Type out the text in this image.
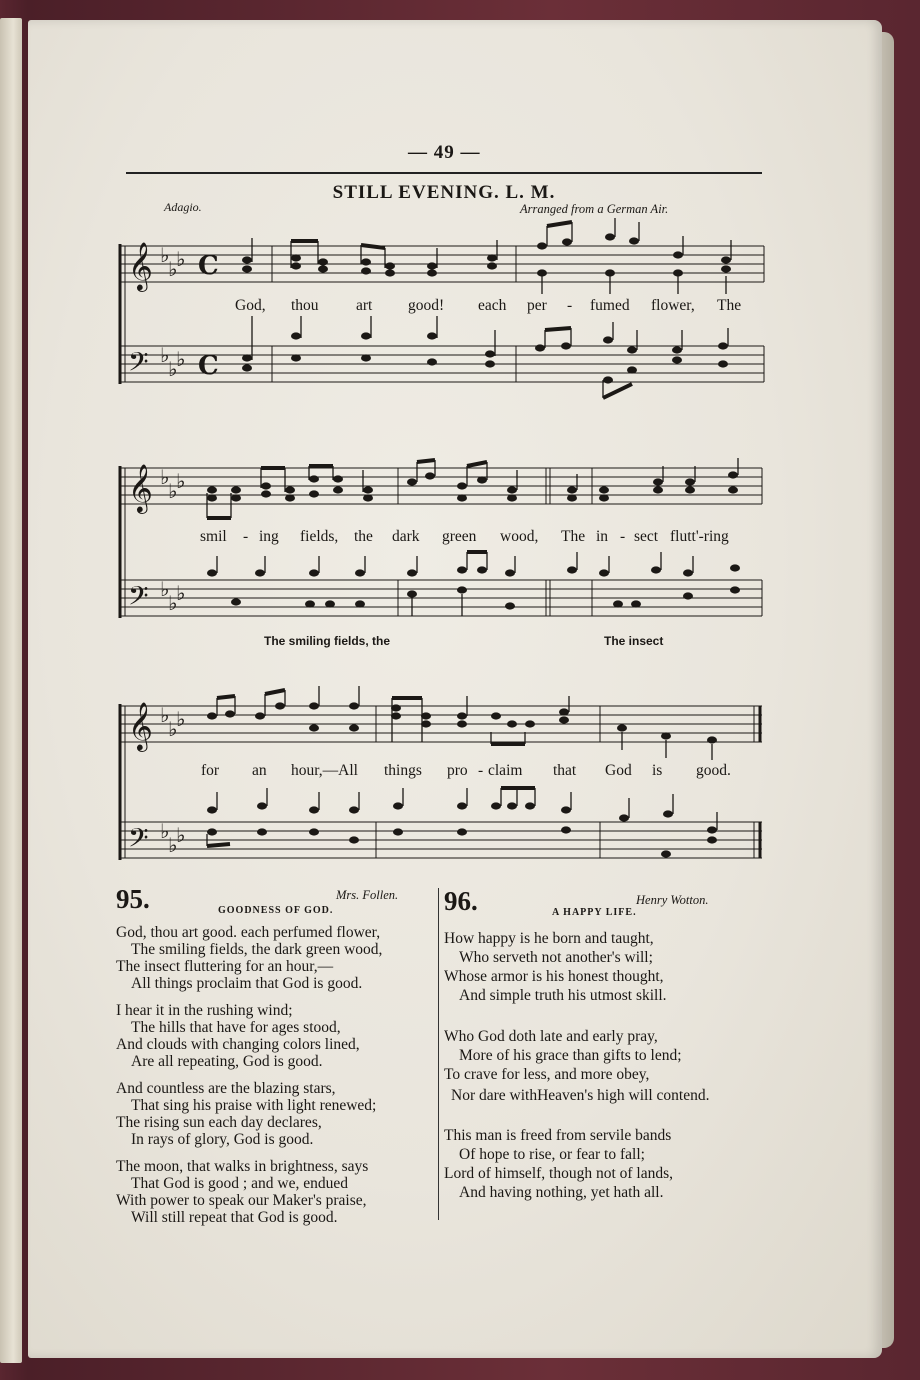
— 49 —
STILL EVENING. L. M.
Adagio.	Arranged from a German Air.
𝄞
𝄢
𝄞
𝄢
𝄞
𝄢
♭
♭
♭
♭
♭
♭
♭
♭
♭
♭
♭
♭
♭
♭
♭
♭
♭
♭
C
C
God, thou art good! each per - fumed flower, The
smil - ing fields, the dark green wood, The in - sect flutt'-ring
The smiling fields, the	The insect
for an hour,—All things pro - claim that God is good.
95.	Mrs. Follen.
GOODNESS OF GOD.
God, thou art good. each perfumed flower,
The smiling fields, the dark green wood,
The insect fluttering for an hour,—
All things proclaim that God is good.
I hear it in the rushing wind;
The hills that have for ages stood,
And clouds with changing colors lined,
Are all repeating, God is good.
And countless are the blazing stars,
That sing his praise with light renewed;
The rising sun each day declares,
In rays of glory, God is good.
The moon, that walks in brightness, says
That God is good ; and we, endued
With power to speak our Maker's praise,
Will still repeat that God is good.
96.	Henry Wotton.
A HAPPY LIFE.
How happy is he born and taught,
Who serveth not another's will;
Whose armor is his honest thought,
And simple truth his utmost skill.
Who God doth late and early pray,
More of his grace than gifts to lend;
To crave for less, and more obey,
Nor dare withHeaven's high will contend.
This man is freed from servile bands
Of hope to rise, or fear to fall;
Lord of himself, though not of lands,
And having nothing, yet hath all.
